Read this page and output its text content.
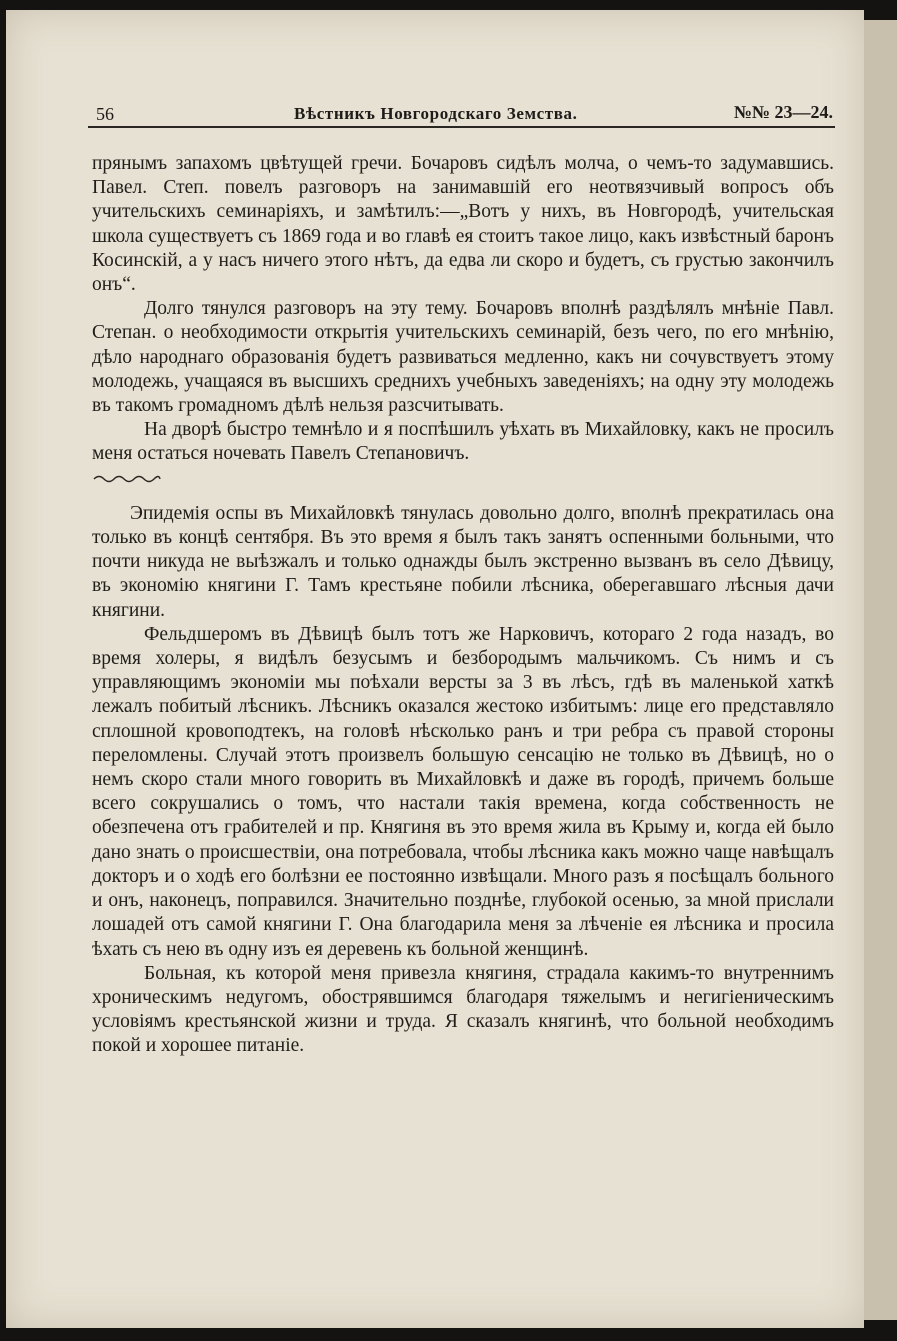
56	Вѣстникъ Новгородскаго Земства.	№№ 23—24.

прянымъ запахомъ цвѣтущей гречи. Бочаровъ сидѣлъ молча, о чемъ-то задумавшись. Павел. Степ. повелъ разговоръ на занимавшій его неотвязчивый вопросъ объ учительскихъ семинаріяхъ, и замѣтилъ:—„Вотъ у нихъ, въ Новгородѣ, учительская школа существуетъ съ 1869 года и во главѣ ея стоитъ такое лицо, какъ извѣстный баронъ Косинскій, а у насъ ничего этого нѣтъ, да едва ли скоро и будетъ, съ грустью закончилъ онъ“.

Долго тянулся разговоръ на эту тему. Бочаровъ вполнѣ раздѣлялъ мнѣніе Павл. Степан. о необходимости открытія учительскихъ семинарій, безъ чего, по его мнѣнію, дѣло народнаго образованія будетъ развиваться медленно, какъ ни сочувствуетъ этому молодежь, учащаяся въ высшихъ среднихъ учебныхъ заведеніяхъ; на одну эту молодежь въ такомъ громадномъ дѣлѣ нельзя разсчитывать.

На дворѣ быстро темнѣло и я поспѣшилъ уѣхать въ Михайловку, какъ не просилъ меня остаться ночевать Павелъ Степановичъ.

Эпидемія оспы въ Михайловкѣ тянулась довольно долго, вполнѣ прекратилась она только въ концѣ сентября. Въ это время я былъ такъ занятъ оспенными больными, что почти никуда не выѣзжалъ и только однажды былъ экстренно вызванъ въ село Дѣвицу, въ экономію княгини Г. Тамъ крестьяне побили лѣсника, оберегавшаго лѣсныя дачи княгини.

Фельдшеромъ въ Дѣвицѣ былъ тотъ же Нарковичъ, котораго 2 года назадъ, во время холеры, я видѣлъ безусымъ и безбородымъ мальчикомъ. Съ нимъ и съ управляющимъ экономіи мы поѣхали версты за 3 въ лѣсъ, гдѣ въ маленькой хаткѣ лежалъ побитый лѣсникъ. Лѣсникъ оказался жестоко избитымъ: лице его представляло сплошной кровоподтекъ, на головѣ нѣсколько ранъ и три ребра съ правой стороны переломлены. Случай этотъ произвелъ большую сенсацію не только въ Дѣвицѣ, но о немъ скоро стали много говорить въ Михайловкѣ и даже въ городѣ, причемъ больше всего сокрушались о томъ, что настали такія времена, когда собственность не обезпечена отъ грабителей и пр. Княгиня въ это время жила въ Крыму и, когда ей было дано знать о происшествіи, она потребовала, чтобы лѣсника какъ можно чаще навѣщалъ докторъ и о ходѣ его болѣзни ее постоянно извѣщали. Много разъ я посѣщалъ больного и онъ, наконецъ, поправился. Значительно позднѣе, глубокой осенью, за мной прислали лошадей отъ самой княгини Г. Она благодарила меня за лѣченіе ея лѣсника и просила ѣхать съ нею въ одну изъ ея деревень къ больной женщинѣ.

Больная, къ которой меня привезла княгиня, страдала какимъ-то внутреннимъ хроническимъ недугомъ, обострявшимся благодаря тяжелымъ и негигіеническимъ условіямъ крестьянской жизни и труда. Я сказалъ княгинѣ, что больной необходимъ покой и хорошее питаніе.
